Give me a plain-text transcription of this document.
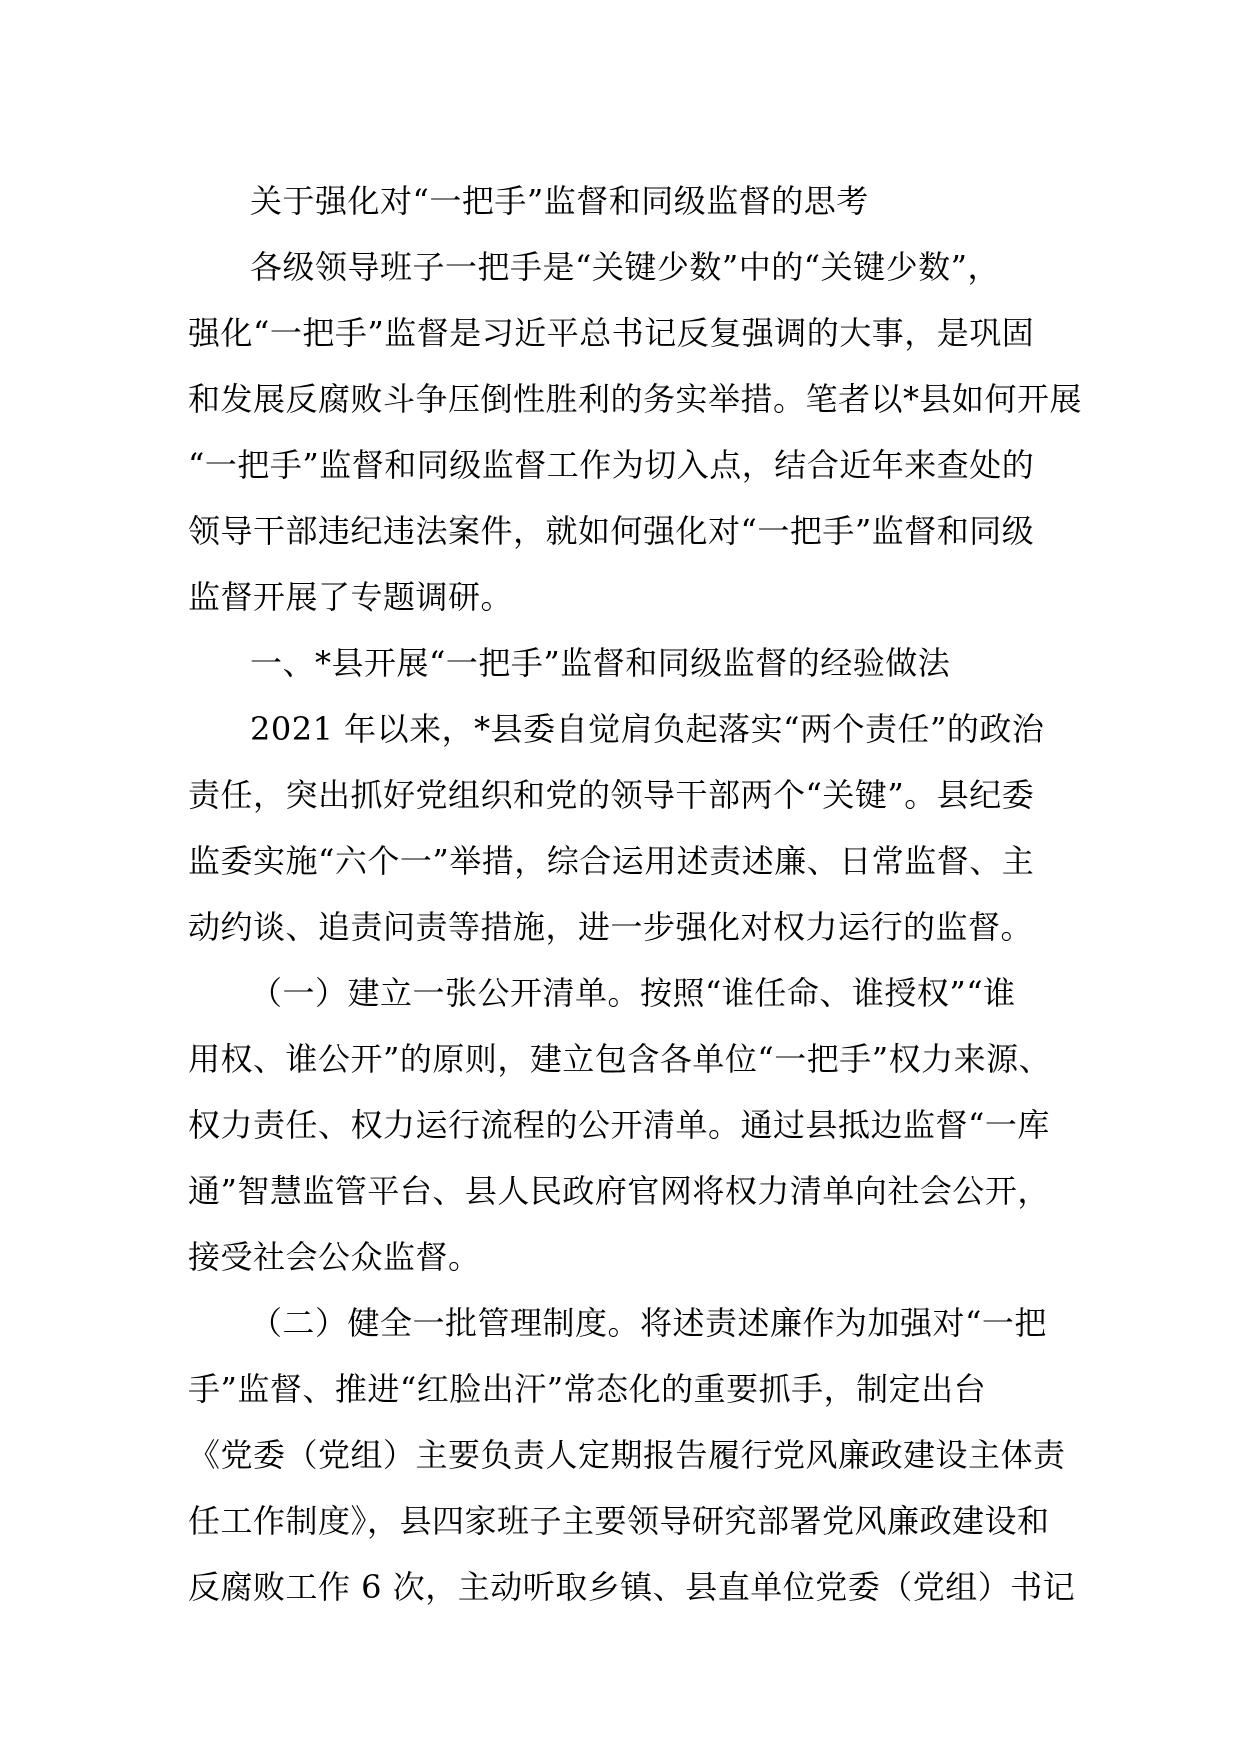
关于强化对“一把手”监督和同级监督的思考
各级领导班子一把手是“关键少数”中的“关键少数”，
强化“一把手”监督是习近平总书记反复强调的大事，是巩固
和发展反腐败斗争压倒性胜利的务实举措。笔者以*县如何开展
“一把手”监督和同级监督工作为切入点，结合近年来查处的
领导干部违纪违法案件，就如何强化对“一把手”监督和同级
监督开展了专题调研。
一、*县开展“一把手”监督和同级监督的经验做法
2021 年以来，*县委自觉肩负起落实“两个责任”的政治
责任，突出抓好党组织和党的领导干部两个“关键”。县纪委
监委实施“六个一”举措，综合运用述责述廉、日常监督、主
动约谈、追责问责等措施，进一步强化对权力运行的监督。
（一）建立一张公开清单。按照“谁任命、谁授权”“谁
用权、谁公开”的原则，建立包含各单位“一把手”权力来源、
权力责任、权力运行流程的公开清单。通过县抵边监督“一库
通”智慧监管平台、县人民政府官网将权力清单向社会公开，
接受社会公众监督。
（二）健全一批管理制度。将述责述廉作为加强对“一把
手”监督、推进“红脸出汗”常态化的重要抓手，制定出台
《党委（党组）主要负责人定期报告履行党风廉政建设主体责
任工作制度》，县四家班子主要领导研究部署党风廉政建设和
反腐败工作 6 次，主动听取乡镇、县直单位党委（党组）书记
